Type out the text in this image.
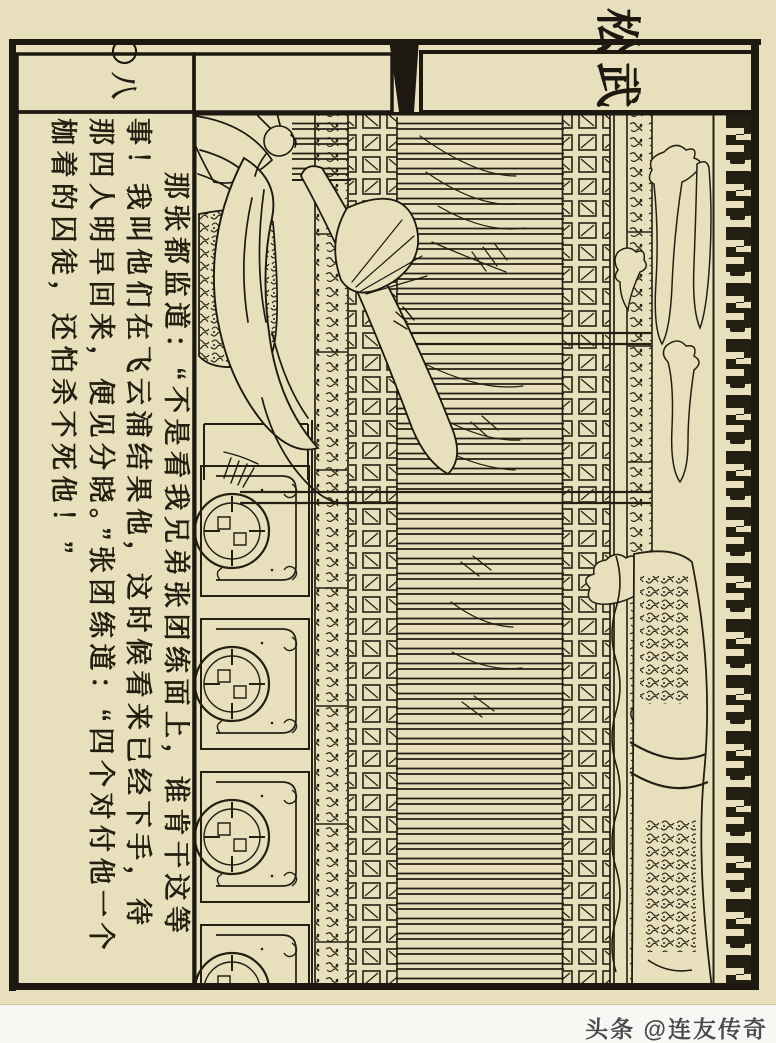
八〇
武松
那张都监道：“不是看我兄弟张团练面上，谁肯干这等
事！我叫他们在飞云浦结果他，这时候看来已经下手，待
那四人明早回来，便见分晓。”张团练道：“四个对付他一个
枷着的囚徒，还怕杀不死他！”
头条 @连友传奇
